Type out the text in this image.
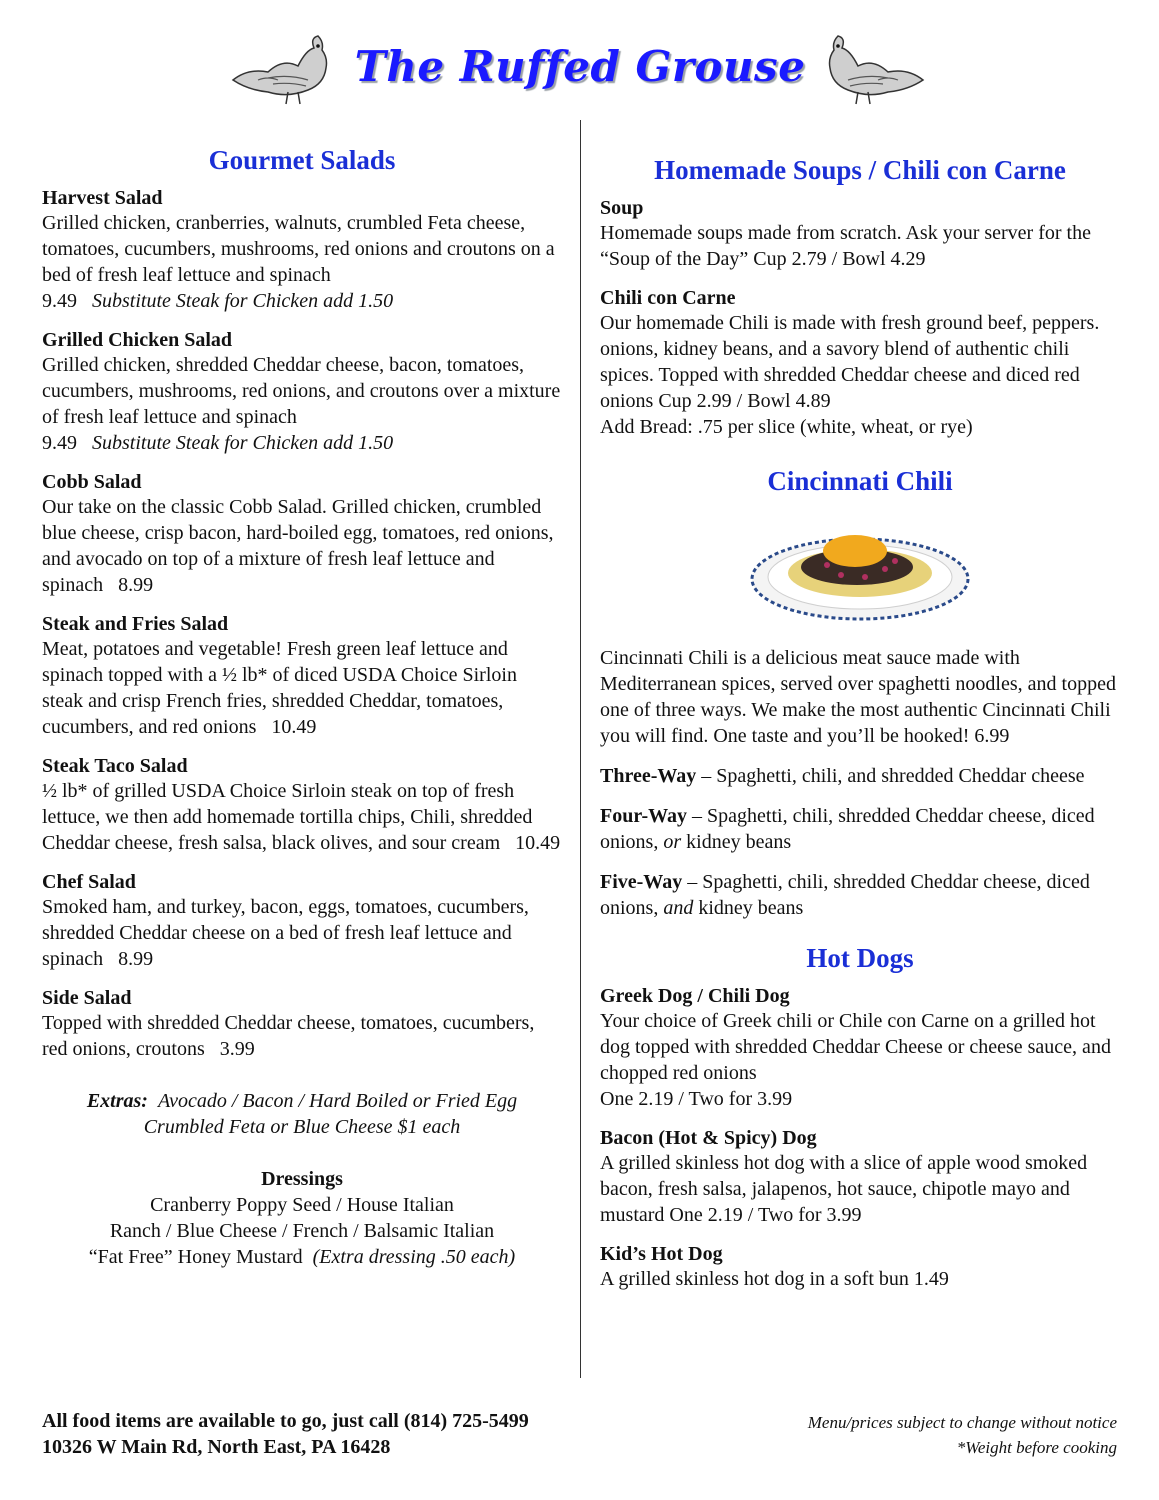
The Ruffed Grouse
Gourmet Salads
Harvest Salad
Grilled chicken, cranberries, walnuts, crumbled Feta cheese, tomatoes, cucumbers, mushrooms, red onions and croutons on a bed of fresh leaf lettuce and spinach
9.49 Substitute Steak for Chicken add 1.50
Grilled Chicken Salad
Grilled chicken, shredded Cheddar cheese, bacon, tomatoes, cucumbers, mushrooms, red onions, and croutons over a mixture of fresh leaf lettuce and spinach
9.49 Substitute Steak for Chicken add 1.50
Cobb Salad
Our take on the classic Cobb Salad. Grilled chicken, crumbled blue cheese, crisp bacon, hard-boiled egg, tomatoes, red onions, and avocado on top of a mixture of fresh leaf lettuce and spinach 8.99
Steak and Fries Salad
Meat, potatoes and vegetable! Fresh green leaf lettuce and spinach topped with a ½ lb* of diced USDA Choice Sirloin steak and crisp French fries, shredded Cheddar, tomatoes, cucumbers, and red onions 10.49
Steak Taco Salad
½ lb* of grilled USDA Choice Sirloin steak on top of fresh lettuce, we then add homemade tortilla chips, Chili, shredded Cheddar cheese, fresh salsa, black olives, and sour cream 10.49
Chef Salad
Smoked ham, and turkey, bacon, eggs, tomatoes, cucumbers, shredded Cheddar cheese on a bed of fresh leaf lettuce and spinach 8.99
Side Salad
Topped with shredded Cheddar cheese, tomatoes, cucumbers, red onions, croutons 3.99
Extras: Avocado / Bacon / Hard Boiled or Fried Egg
Crumbled Feta or Blue Cheese $1 each
Dressings
Cranberry Poppy Seed / House Italian
Ranch / Blue Cheese / French / Balsamic Italian
“Fat Free” Honey Mustard (Extra dressing .50 each)
Homemade Soups / Chili con Carne
Soup
Homemade soups made from scratch. Ask your server for the “Soup of the Day” Cup 2.79 / Bowl 4.29
Chili con Carne
Our homemade Chili is made with fresh ground beef, peppers. onions, kidney beans, and a savory blend of authentic chili spices. Topped with shredded Cheddar cheese and diced red onions Cup 2.99 / Bowl 4.89
Add Bread: .75 per slice (white, wheat, or rye)
Cincinnati Chili
Cincinnati Chili is a delicious meat sauce made with Mediterranean spices, served over spaghetti noodles, and topped one of three ways. We make the most authentic Cincinnati Chili you will find. One taste and you’ll be hooked! 6.99
Three-Way – Spaghetti, chili, and shredded Cheddar cheese
Four-Way – Spaghetti, chili, shredded Cheddar cheese, diced onions, or kidney beans
Five-Way – Spaghetti, chili, shredded Cheddar cheese, diced onions, and kidney beans
Hot Dogs
Greek Dog / Chili Dog
Your choice of Greek chili or Chile con Carne on a grilled hot dog topped with shredded Cheddar Cheese or cheese sauce, and chopped red onions
One 2.19 / Two for 3.99
Bacon (Hot & Spicy) Dog
A grilled skinless hot dog with a slice of apple wood smoked bacon, fresh salsa, jalapenos, hot sauce, chipotle mayo and mustard One 2.19 / Two for 3.99
Kid’s Hot Dog
A grilled skinless hot dog in a soft bun 1.49
All food items are available to go, just call (814) 725-5499
10326 W Main Rd, North East, PA 16428
Menu/prices subject to change without notice
*Weight before cooking
